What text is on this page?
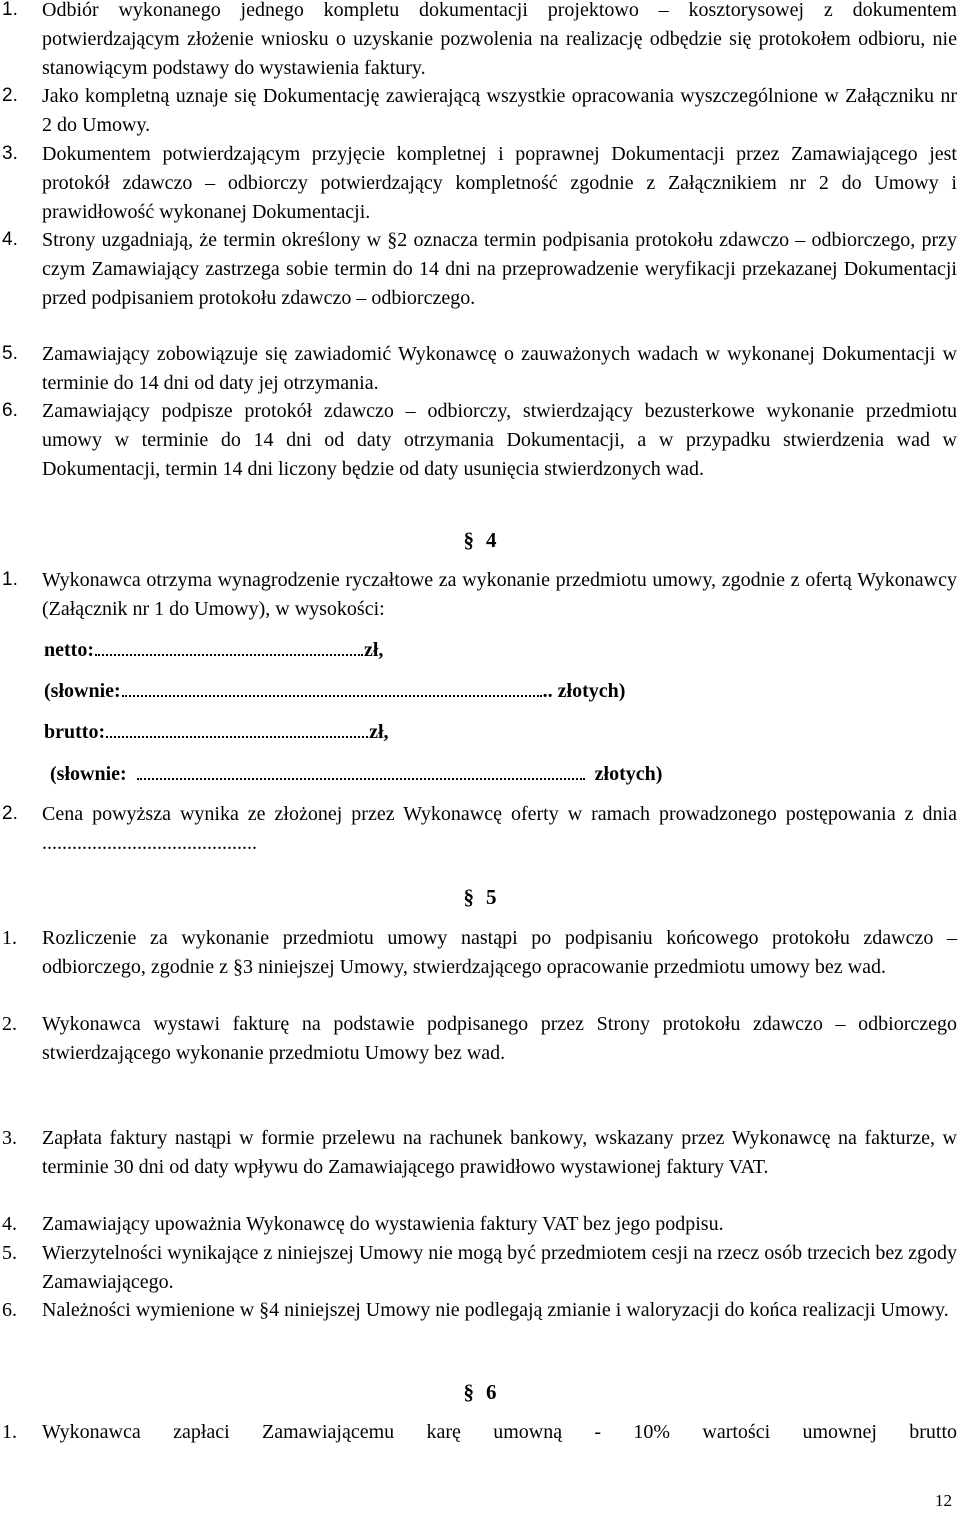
1. Odbiór wykonanego jednego kompletu dokumentacji projektowo – kosztorysowej z dokumentem potwierdzającym złożenie wniosku o uzyskanie pozwolenia na realizację odbędzie się protokołem odbioru, nie stanowiącym podstawy do wystawienia faktury.
2. Jako kompletną uznaje się Dokumentację zawierającą wszystkie opracowania wyszczególnione w Załączniku nr 2 do Umowy.
3. Dokumentem potwierdzającym przyjęcie kompletnej i poprawnej Dokumentacji przez Zamawiającego jest protokół zdawczo – odbiorczy potwierdzający kompletność zgodnie z Załącznikiem nr 2 do Umowy i prawidłowość wykonanej Dokumentacji.
4. Strony uzgadniają, że termin określony w §2 oznacza termin podpisania protokołu zdawczo – odbiorczego, przy czym Zamawiający zastrzega sobie termin do 14 dni na przeprowadzenie weryfikacji przekazanej Dokumentacji przed podpisaniem protokołu zdawczo – odbiorczego.
5. Zamawiający zobowiązuje się zawiadomić Wykonawcę o zauważonych wadach w wykonanej Dokumentacji w terminie do 14 dni od daty jej otrzymania.
6. Zamawiający podpisze protokół zdawczo – odbiorczy, stwierdzający bezusterkowe wykonanie przedmiotu umowy w terminie do 14 dni od daty otrzymania Dokumentacji, a w przypadku stwierdzenia wad w Dokumentacji, termin 14 dni liczony będzie od daty usunięcia stwierdzonych wad.
§ 4
1. Wykonawca otrzyma wynagrodzenie ryczałtowe za wykonanie przedmiotu umowy, zgodnie z ofertą Wykonawcy (Załącznik nr 1 do Umowy), w wysokości:
netto:	zł,
(słownie:	.. złotych)
brutto:	zł,
(słownie:	złotych)
2. Cena powyższa wynika ze złożonej przez Wykonawcę oferty w ramach prowadzonego postępowania z dnia ...........................................
§ 5
1. Rozliczenie za wykonanie przedmiotu umowy nastąpi po podpisaniu końcowego protokołu zdawczo – odbiorczego, zgodnie z §3 niniejszej Umowy, stwierdzającego opracowanie przedmiotu umowy bez wad.
2. Wykonawca wystawi fakturę na podstawie podpisanego przez Strony protokołu zdawczo – odbiorczego stwierdzającego wykonanie przedmiotu Umowy bez wad.
3. Zapłata faktury nastąpi w formie przelewu na rachunek bankowy, wskazany przez Wykonawcę na fakturze, w terminie 30 dni od daty wpływu do Zamawiającego prawidłowo wystawionej faktury VAT.
4. Zamawiający upoważnia Wykonawcę do wystawienia faktury VAT bez jego podpisu.
5. Wierzytelności wynikające z niniejszej Umowy nie mogą być przedmiotem cesji na rzecz osób trzecich bez zgody Zamawiającego.
6. Należności wymienione w §4 niniejszej Umowy nie podlegają zmianie i waloryzacji do końca realizacji Umowy.
§ 6
1. Wykonawca zapłaci Zamawiającemu karę umowną - 10% wartości umownej brutto
12
